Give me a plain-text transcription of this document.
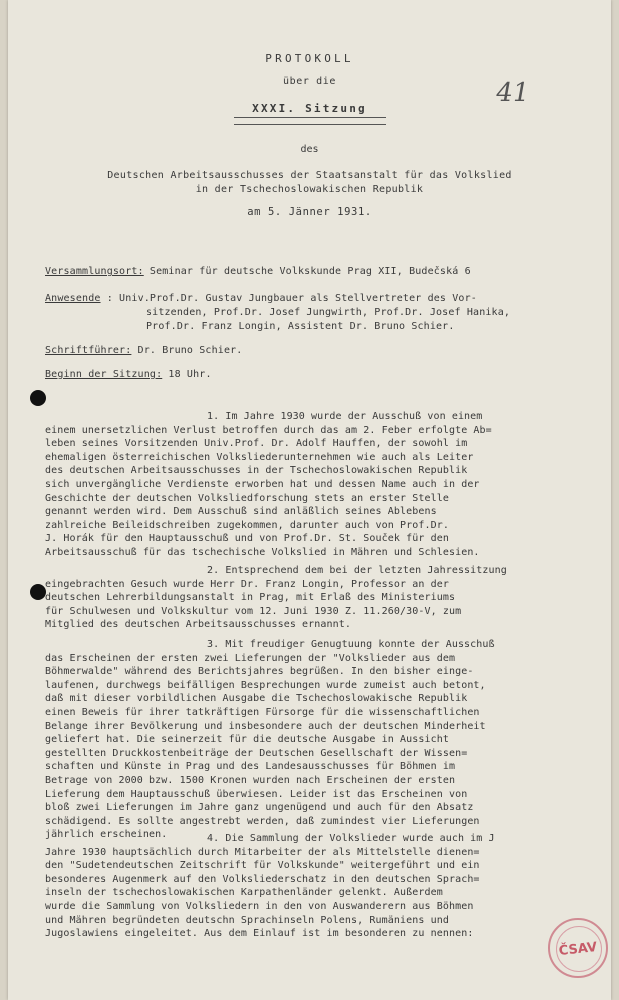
PROTOKOLL
über die
XXXI. Sitzung
des
Deutschen Arbeitsausschusses der Staatsanstalt für das Volkslied
in der Tschechoslowakischen Republik
am 5. Jänner 1931.
41
Versammlungsort: Seminar für deutsche Volkskunde Prag XII, Budečská 6
Anwesende : Univ.Prof.Dr. Gustav Jungbauer als Stellvertreter des Vor-
sitzenden, Prof.Dr. Josef Jungwirth, Prof.Dr. Josef Hanika,
Prof.Dr. Franz Longin, Assistent Dr. Bruno Schier.
Schriftführer: Dr. Bruno Schier.
Beginn der Sitzung: 18 Uhr.
1. Im Jahre 1930 wurde der Ausschuß von einem
einem unersetzlichen Verlust betroffen durch das am 2. Feber erfolgte Ab=
leben seines Vorsitzenden Univ.Prof. Dr. Adolf Hauffen, der sowohl im
ehemaligen österreichischen Volksliederunternehmen wie auch als Leiter
des deutschen Arbeitsausschusses in der Tschechoslowakischen Republik
sich unvergängliche Verdienste erworben hat und dessen Name auch in der
Geschichte der deutschen Volksliedforschung stets an erster Stelle
genannt werden wird. Dem Ausschuß sind anläßlich seines Ablebens
zahlreiche Beileidschreiben zugekommen, darunter auch von Prof.Dr.
J. Horák für den Hauptausschuß und von Prof.Dr. St. Souček für den
Arbeitsausschuß für das tschechische Volkslied in Mähren und Schlesien.
2. Entsprechend dem bei der letzten Jahressitzung
eingebrachten Gesuch wurde Herr Dr. Franz Longin, Professor an der
deutschen Lehrerbildungsanstalt in Prag, mit Erlaß des Ministeriums
für Schulwesen und Volkskultur vom 12. Juni 1930 Z. 11.260/30-V, zum
Mitglied des deutschen Arbeitsausschusses ernannt.
3. Mit freudiger Genugtuung konnte der Ausschuß
das Erscheinen der ersten zwei Lieferungen der "Volkslieder aus dem
Böhmerwalde" während des Berichtsjahres begrüßen. In den bisher einge-
laufenen, durchwegs beifälligen Besprechungen wurde zumeist auch betont,
daß mit dieser vorbildlichen Ausgabe die Tschechoslowakische Republik
einen Beweis für ihrer tatkräftigen Fürsorge für die wissenschaftlichen
Belange ihrer Bevölkerung und insbesondere auch der deutschen Minderheit
geliefert hat. Die seinerzeit für die deutsche Ausgabe in Aussicht
gestellten Druckkostenbeiträge der Deutschen Gesellschaft der Wissen=
schaften und Künste in Prag und des Landesausschusses für Böhmen im
Betrage von 2000 bzw. 1500 Kronen wurden nach Erscheinen der ersten
Lieferung dem Hauptausschuß überwiesen. Leider ist das Erscheinen von
bloß zwei Lieferungen im Jahre ganz ungenügend und auch für den Absatz
schädigend. Es sollte angestrebt werden, daß zumindest vier Lieferungen
jährlich erscheinen.	4. Die Sammlung der Volkslieder wurde auch im J
Jahre 1930 hauptsächlich durch Mitarbeiter der als Mittelstelle dienen=
den "Sudetendeutschen Zeitschrift für Volkskunde" weitergeführt und ein
besonderes Augenmerk auf den Volksliederschatz in den deutschen Sprach=
inseln der tschechoslowakischen Karpathenländer gelenkt. Außerdem
wurde die Sammlung von Volksliedern in den von Auswanderern aus Böhmen
und Mähren begründeten deutschn Sprachinseln Polens, Rumäniens und
Jugoslawiens eingeleitet. Aus dem Einlauf ist im besonderen zu nennen:
ČSAV
